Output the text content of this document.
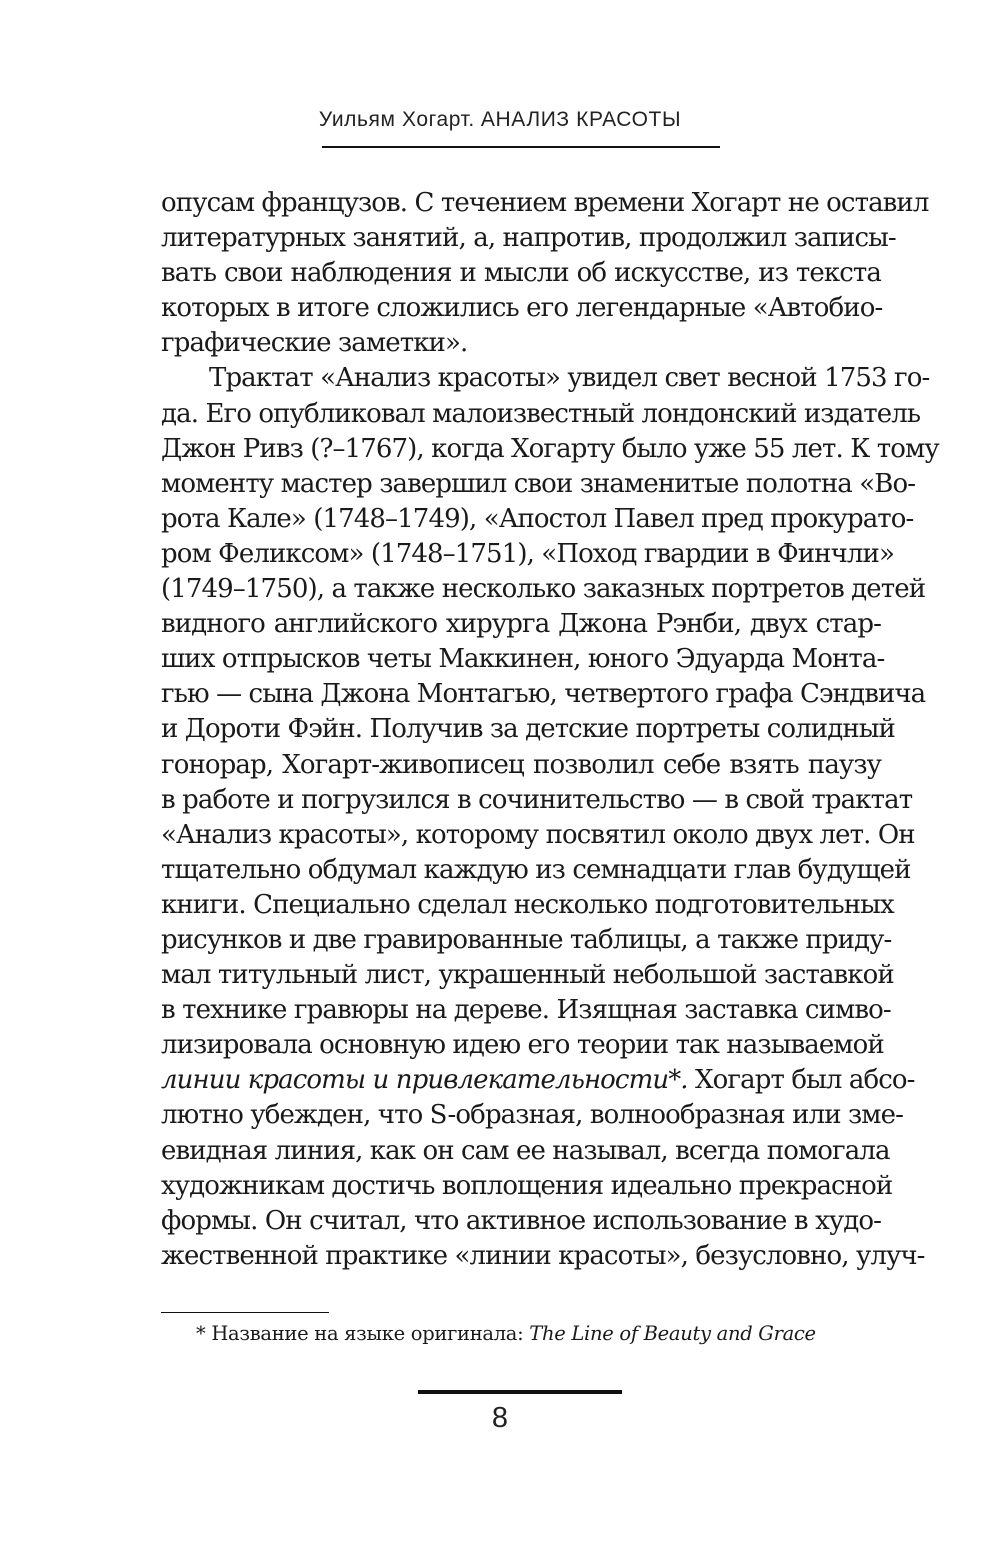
Уильям Хогарт. АНАЛИЗ КРАСОТЫ
опусам французов. С течением времени Хогарт не оставил
литературных занятий, а, напротив, продолжил записы-
вать свои наблюдения и мысли об искусстве, из текста
которых в итоге сложились его легендарные «Автобио-
графические заметки».
Трактат «Анализ красоты» увидел свет весной 1753 го-
да. Его опубликовал малоизвестный лондонский издатель
Джон Ривз (?–1767), когда Хогарту было уже 55 лет. К тому
моменту мастер завершил свои знаменитые полотна «Во-
рота Кале» (1748–1749), «Апостол Павел пред прокурато-
ром Феликсом» (1748–1751), «Поход гвардии в Финчли»
(1749–1750), а также несколько заказных портретов детей
видного английского хирурга Джона Рэнби, двух стар-
ших отпрысков четы Маккинен, юного Эдуарда Монта-
гью — сына Джона Монтагью, четвертого графа Сэндвича
и Дороти Фэйн. Получив за детские портреты солидный
гонорар, Хогарт-живописец позволил себе взять паузу
в работе и погрузился в сочинительство — в свой трактат
«Анализ красоты», которому посвятил около двух лет. Он
тщательно обдумал каждую из семнадцати глав будущей
книги. Специально сделал несколько подготовительных
рисунков и две гравированные таблицы, а также приду-
мал титульный лист, украшенный небольшой заставкой
в технике гравюры на дереве. Изящная заставка симво-
лизировала основную идею его теории так называемой
линии красоты и привлекательности*. Хогарт был абсо-
лютно убежден, что S-образная, волнообразная или зме-
евидная линия, как он сам ее называл, всегда помогала
художникам достичь воплощения идеально прекрасной
формы. Он считал, что активное использование в худо-
жественной практике «линии красоты», безусловно, улуч-
* Название на языке оригинала: The Line of Beauty and Grace
8
